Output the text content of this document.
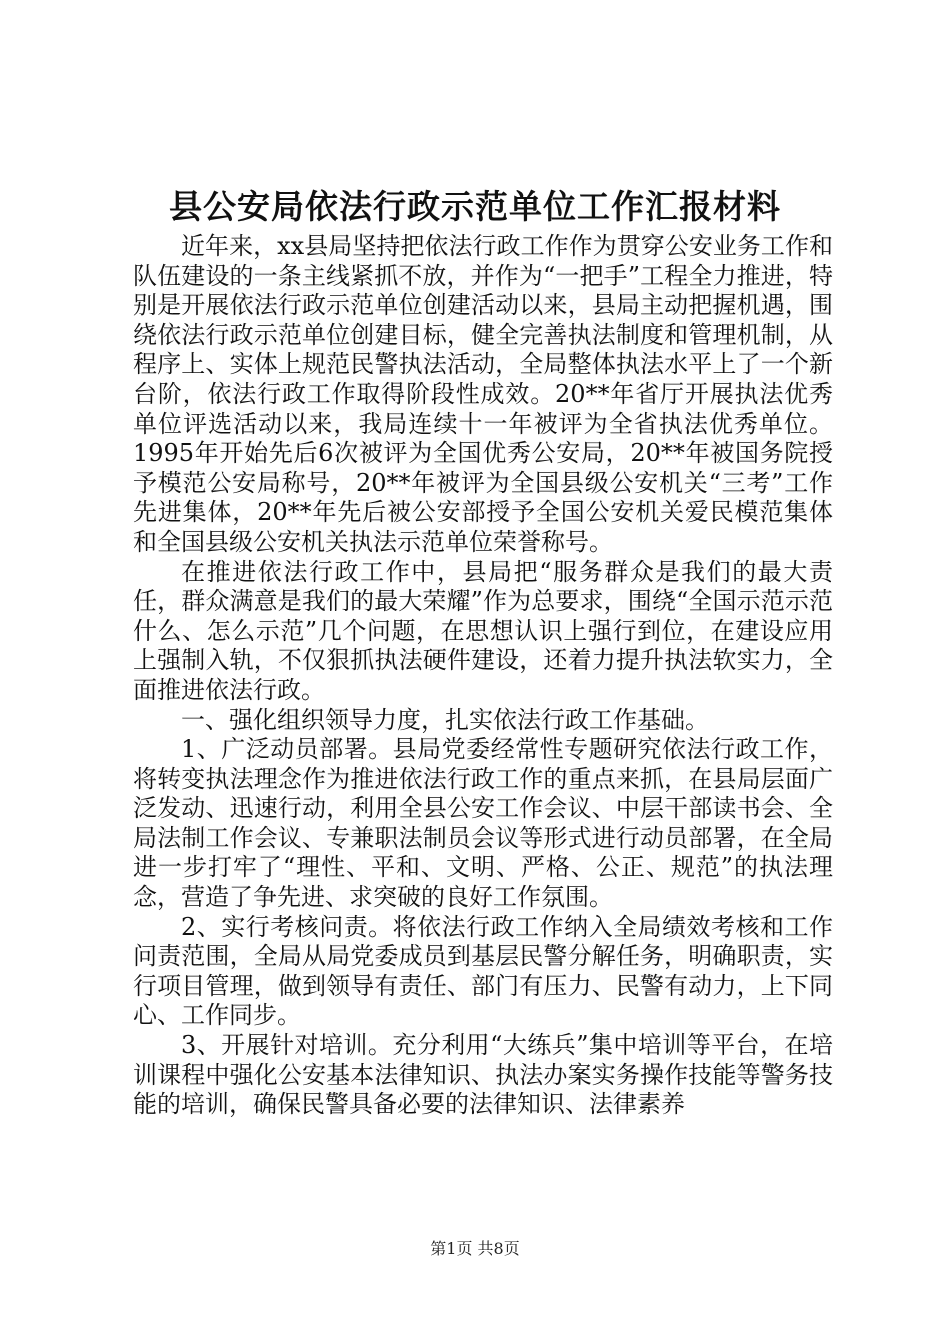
县公安局依法行政示范单位工作汇报材料

近年来，xx县局坚持把依法行政工作作为贯穿公安业务工作和队伍建设的一条主线紧抓不放，并作为“一把手”工程全力推进，特别是开展依法行政示范单位创建活动以来，县局主动把握机遇，围绕依法行政示范单位创建目标，健全完善执法制度和管理机制，从程序上、实体上规范民警执法活动，全局整体执法水平上了一个新台阶，依法行政工作取得阶段性成效。20**年省厅开展执法优秀单位评选活动以来，我局连续十一年被评为全省执法优秀单位。1995年开始先后6次被评为全国优秀公安局，20**年被国务院授予模范公安局称号，20**年被评为全国县级公安机关“三考”工作先进集体，20**年先后被公安部授予全国公安机关爱民模范集体和全国县级公安机关执法示范单位荣誉称号。

在推进依法行政工作中，县局把“服务群众是我们的最大责任，群众满意是我们的最大荣耀”作为总要求，围绕“全国示范示范什么、怎么示范”几个问题，在思想认识上强行到位，在建设应用上强制入轨，不仅狠抓执法硬件建设，还着力提升执法软实力，全面推进依法行政。

一、强化组织领导力度，扎实依法行政工作基础。

1、广泛动员部署。县局党委经常性专题研究依法行政工作，将转变执法理念作为推进依法行政工作的重点来抓，在县局层面广泛发动、迅速行动，利用全县公安工作会议、中层干部读书会、全局法制工作会议、专兼职法制员会议等形式进行动员部署，在全局进一步打牢了“理性、平和、文明、严格、公正、规范”的执法理念，营造了争先进、求突破的良好工作氛围。

2、实行考核问责。将依法行政工作纳入全局绩效考核和工作问责范围，全局从局党委成员到基层民警分解任务，明确职责，实行项目管理，做到领导有责任、部门有压力、民警有动力，上下同心、工作同步。

3、开展针对培训。充分利用“大练兵”集中培训等平台，在培训课程中强化公安基本法律知识、执法办案实务操作技能等警务技能的培训，确保民警具备必要的法律知识、法律素养

第1页 共8页
